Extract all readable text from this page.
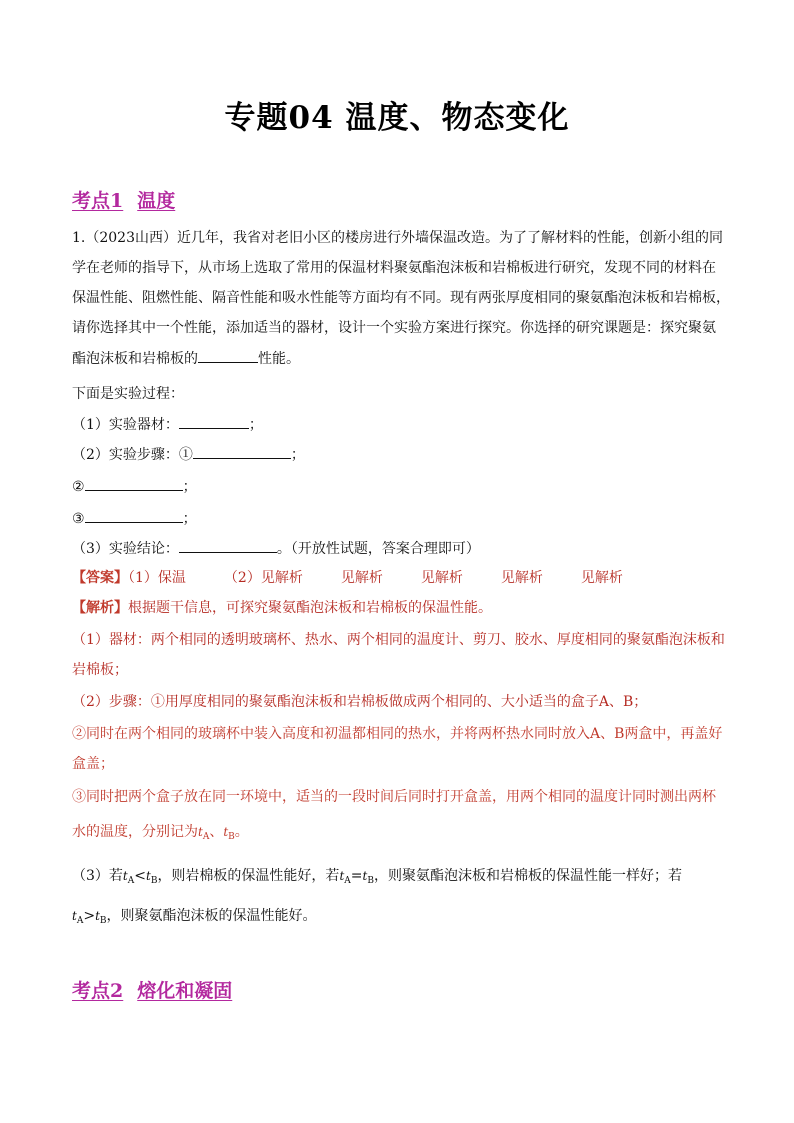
专题04 温度、物态变化
考点1 温度
1.（2023山西）近几年，我省对老旧小区的楼房进行外墙保温改造。为了了解材料的性能，创新小组的同
学在老师的指导下，从市场上选取了常用的保温材料聚氨酯泡沫板和岩棉板进行研究，发现不同的材料在
保温性能、阻燃性能、隔音性能和吸水性能等方面均有不同。现有两张厚度相同的聚氨酯泡沫板和岩棉板，
请你选择其中一个性能，添加适当的器材，设计一个实验方案进行探究。你选择的研究课题是：探究聚氨
酯泡沫板和岩棉板的	性能。
下面是实验过程：
（1）实验器材：	；
（2）实验步骤：①	；
②	；
③	；
（3）实验结论：	。（开放性试题，答案合理即可）
【答案】（1）保温	（2）见解析	见解析	见解析	见解析	见解析
【解析】根据题干信息，可探究聚氨酯泡沫板和岩棉板的保温性能。
（1）器材：两个相同的透明玻璃杯、热水、两个相同的温度计、剪刀、胶水、厚度相同的聚氨酯泡沫板和
岩棉板；
（2）步骤：①用厚度相同的聚氨酯泡沫板和岩棉板做成两个相同的、大小适当的盒子A、B；
②同时在两个相同的玻璃杯中装入高度和初温都相同的热水，并将两杯热水同时放入A、B两盒中，再盖好
盒盖；
③同时把两个盒子放在同一环境中，适当的一段时间后同时打开盒盖，用两个相同的温度计同时测出两杯
水的温度，分别记为$t_A$、$t_B$。
（3）若$t_A<t_B$，则岩棉板的保温性能好，若$t_A=t_B$，则聚氨酯泡沫板和岩棉板的保温性能一样好；若
$t_A>t_B$，则聚氨酯泡沫板的保温性能好。
考点2 熔化和凝固
